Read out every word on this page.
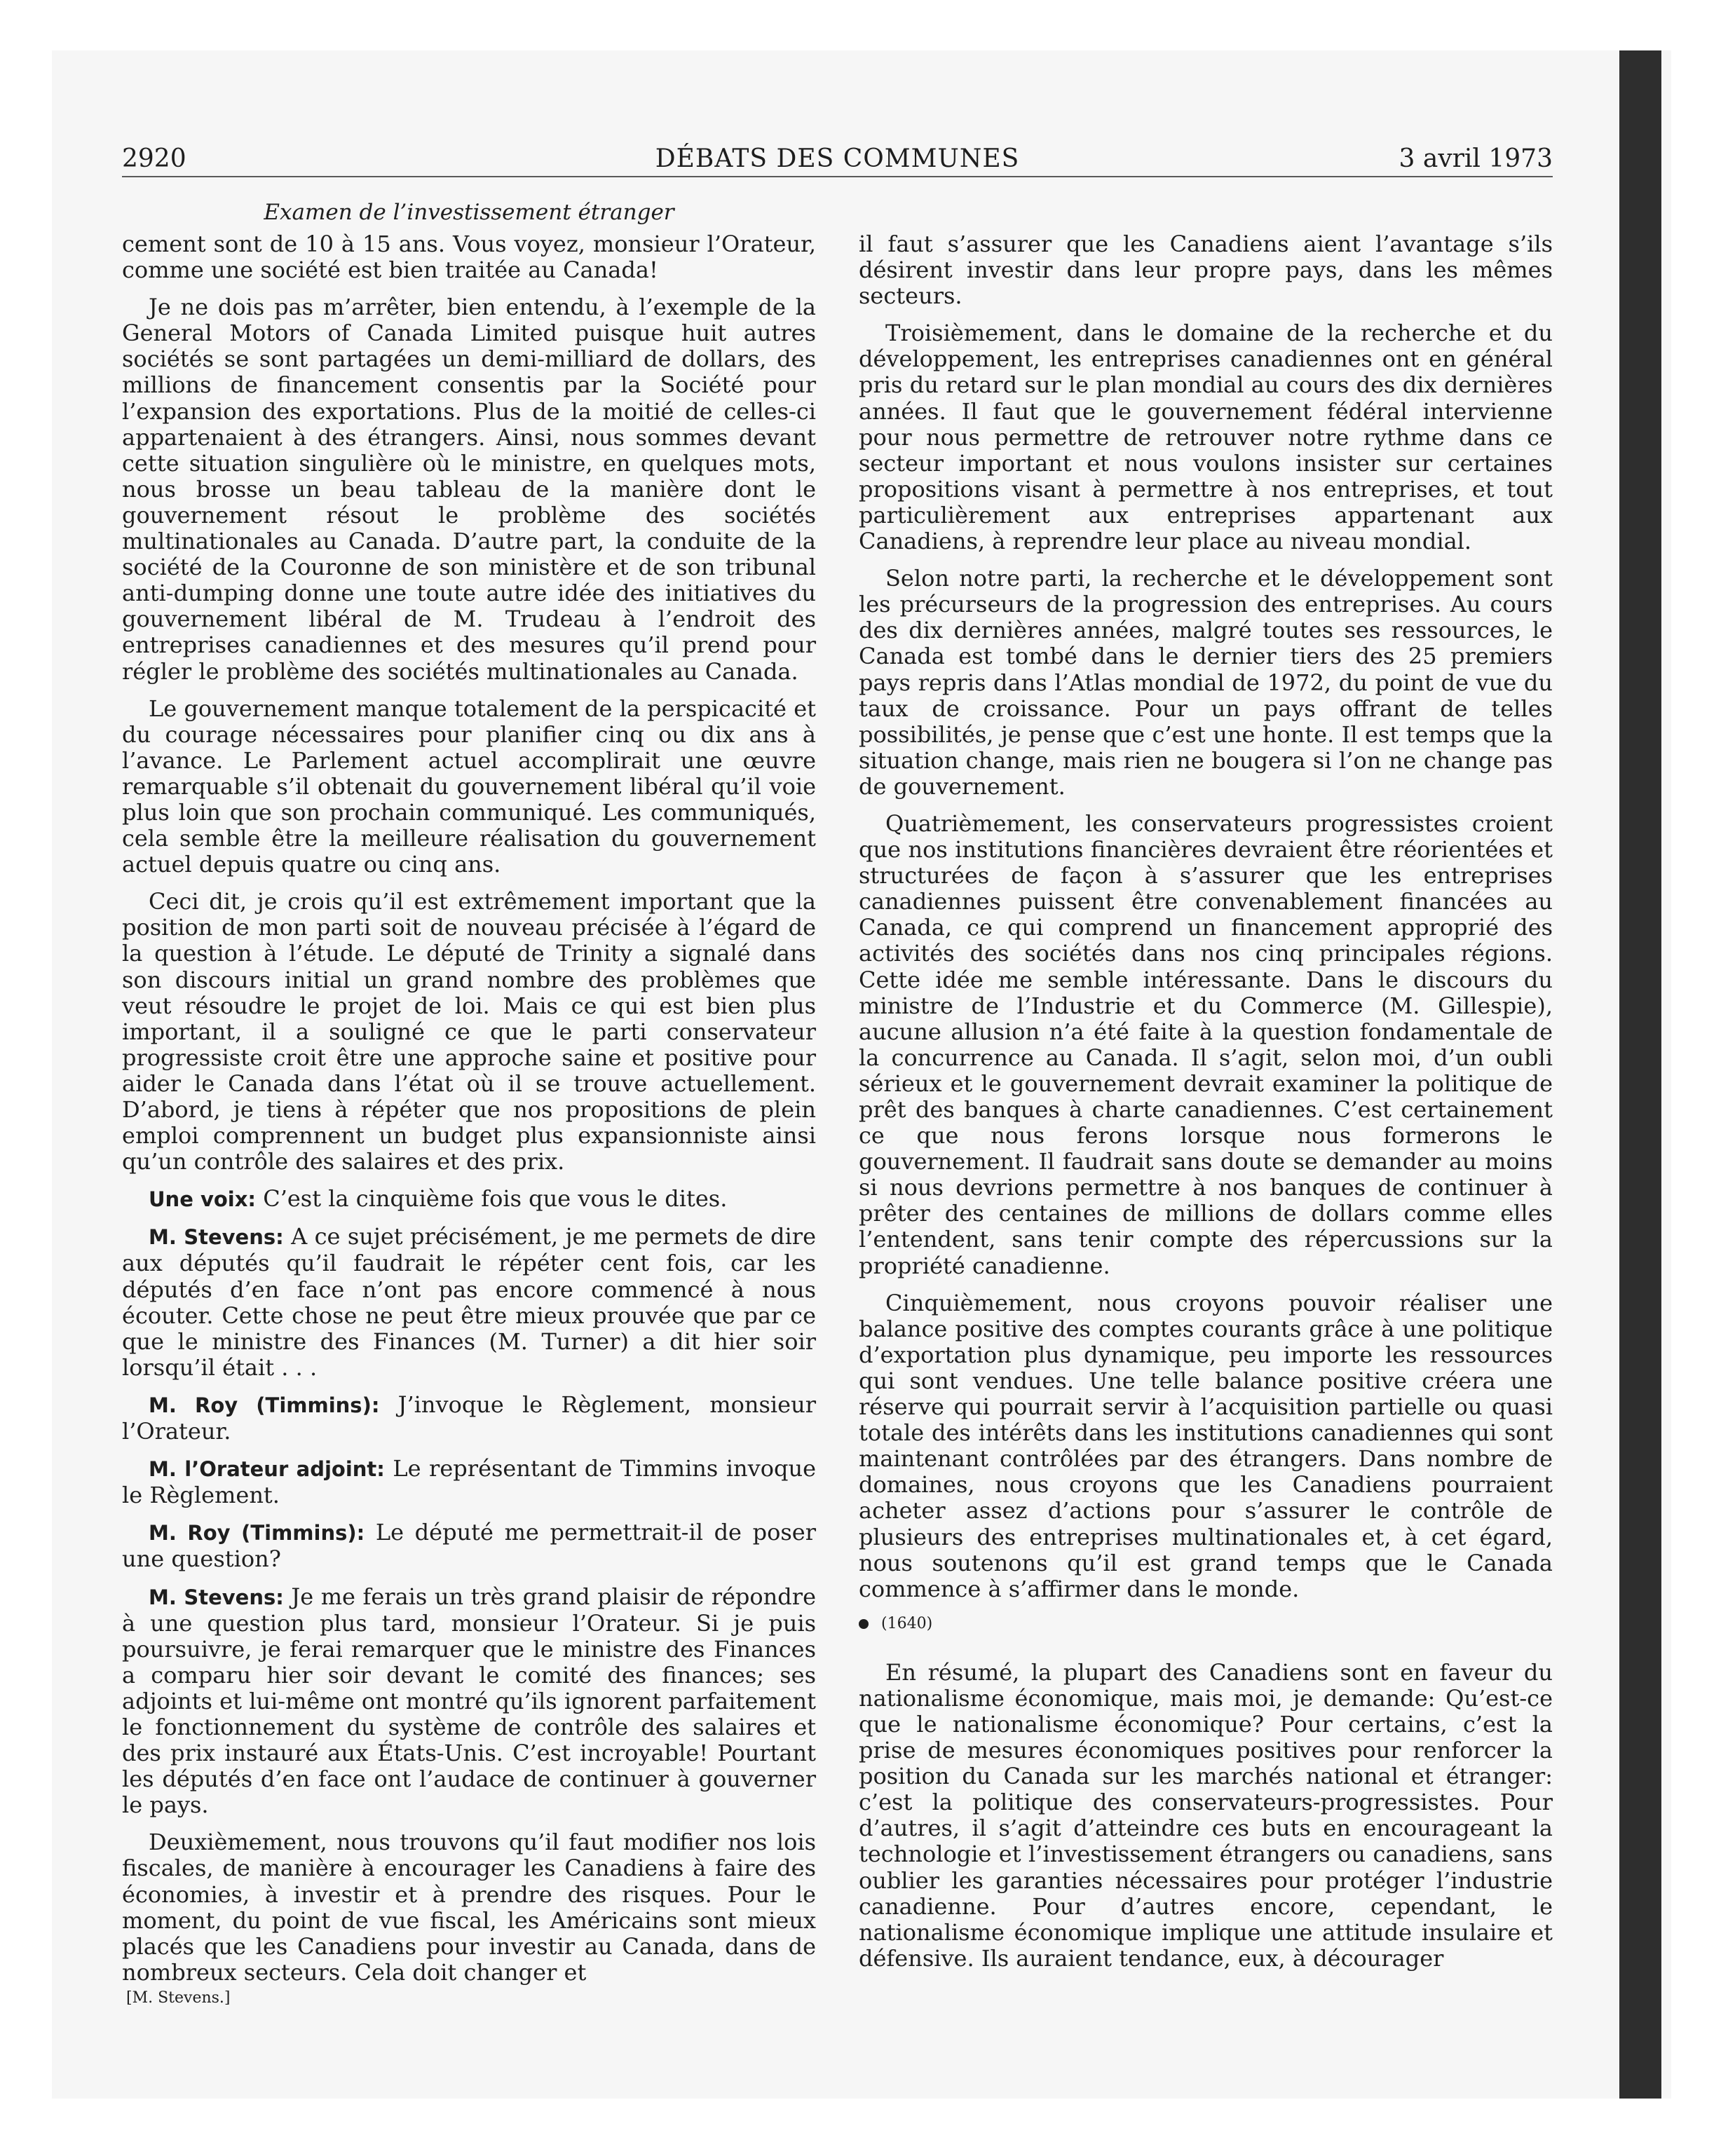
DÉBATS DES COMMUNES
2920	3 avril 1973
Examen de l’investissement étranger

cement sont de 10 à 15 ans. Vous voyez, monsieur l’Orateur, comme une société est bien traitée au Canada!

Je ne dois pas m’arrêter, bien entendu, à l’exemple de la General Motors of Canada Limited puisque huit autres sociétés se sont partagées un demi-milliard de dollars, des millions de financement consentis par la Société pour l’expansion des exportations. Plus de la moitié de celles-ci appartenaient à des étrangers. Ainsi, nous sommes devant cette situation singulière où le ministre, en quelques mots, nous brosse un beau tableau de la manière dont le gouvernement résout le problème des sociétés multinationales au Canada. D’autre part, la conduite de la société de la Couronne de son ministère et de son tribunal anti-dumping donne une toute autre idée des initiatives du gouvernement libéral de M. Trudeau à l’endroit des entreprises canadiennes et des mesures qu’il prend pour régler le problème des sociétés multinationales au Canada.

Le gouvernement manque totalement de la perspicacité et du courage nécessaires pour planifier cinq ou dix ans à l’avance. Le Parlement actuel accomplirait une œuvre remarquable s’il obtenait du gouvernement libéral qu’il voie plus loin que son prochain communiqué. Les communiqués, cela semble être la meilleure réalisation du gouvernement actuel depuis quatre ou cinq ans.

Ceci dit, je crois qu’il est extrêmement important que la position de mon parti soit de nouveau précisée à l’égard de la question à l’étude. Le député de Trinity a signalé dans son discours initial un grand nombre des problèmes que veut résoudre le projet de loi. Mais ce qui est bien plus important, il a souligné ce que le parti conservateur progressiste croit être une approche saine et positive pour aider le Canada dans l’état où il se trouve actuellement. D’abord, je tiens à répéter que nos propositions de plein emploi comprennent un budget plus expansionniste ainsi qu’un contrôle des salaires et des prix.

Une voix: C’est la cinquième fois que vous le dites.

M. Stevens: A ce sujet précisément, je me permets de dire aux députés qu’il faudrait le répéter cent fois, car les députés d’en face n’ont pas encore commencé à nous écouter. Cette chose ne peut être mieux prouvée que par ce que le ministre des Finances (M. Turner) a dit hier soir lorsqu’il était . . .

M. Roy (Timmins): J’invoque le Règlement, monsieur l’Orateur.

M. l’Orateur adjoint: Le représentant de Timmins invoque le Règlement.

M. Roy (Timmins): Le député me permettrait-il de poser une question?

M. Stevens: Je me ferais un très grand plaisir de répondre à une question plus tard, monsieur l’Orateur. Si je puis poursuivre, je ferai remarquer que le ministre des Finances a comparu hier soir devant le comité des finances; ses adjoints et lui-même ont montré qu’ils ignorent parfaitement le fonctionnement du système de contrôle des salaires et des prix instauré aux États-Unis. C’est incroyable! Pourtant les députés d’en face ont l’audace de continuer à gouverner le pays.

Deuxièmement, nous trouvons qu’il faut modifier nos lois fiscales, de manière à encourager les Canadiens à faire des économies, à investir et à prendre des risques. Pour le moment, du point de vue fiscal, les Américains sont mieux placés que les Canadiens pour investir au Canada, dans de nombreux secteurs. Cela doit changer et

il faut s’assurer que les Canadiens aient l’avantage s’ils désirent investir dans leur propre pays, dans les mêmes secteurs.

Troisièmement, dans le domaine de la recherche et du développement, les entreprises canadiennes ont en général pris du retard sur le plan mondial au cours des dix dernières années. Il faut que le gouvernement fédéral intervienne pour nous permettre de retrouver notre rythme dans ce secteur important et nous voulons insister sur certaines propositions visant à permettre à nos entreprises, et tout particulièrement aux entreprises appartenant aux Canadiens, à reprendre leur place au niveau mondial.

Selon notre parti, la recherche et le développement sont les précurseurs de la progression des entreprises. Au cours des dix dernières années, malgré toutes ses ressources, le Canada est tombé dans le dernier tiers des 25 premiers pays repris dans l’Atlas mondial de 1972, du point de vue du taux de croissance. Pour un pays offrant de telles possibilités, je pense que c’est une honte. Il est temps que la situation change, mais rien ne bougera si l’on ne change pas de gouvernement.

Quatrièmement, les conservateurs progressistes croient que nos institutions financières devraient être réorientées et structurées de façon à s’assurer que les entreprises canadiennes puissent être convenablement financées au Canada, ce qui comprend un financement approprié des activités des sociétés dans nos cinq principales régions. Cette idée me semble intéressante. Dans le discours du ministre de l’Industrie et du Commerce (M. Gillespie), aucune allusion n’a été faite à la question fondamentale de la concurrence au Canada. Il s’agit, selon moi, d’un oubli sérieux et le gouvernement devrait examiner la politique de prêt des banques à charte canadiennes. C’est certainement ce que nous ferons lorsque nous formerons le gouvernement. Il faudrait sans doute se demander au moins si nous devrions permettre à nos banques de continuer à prêter des centaines de millions de dollars comme elles l’entendent, sans tenir compte des répercussions sur la propriété canadienne.

Cinquièmement, nous croyons pouvoir réaliser une balance positive des comptes courants grâce à une politique d’exportation plus dynamique, peu importe les ressources qui sont vendues. Une telle balance positive créera une réserve qui pourrait servir à l’acquisition partielle ou quasi totale des intérêts dans les institutions canadiennes qui sont maintenant contrôlées par des étrangers. Dans nombre de domaines, nous croyons que les Canadiens pourraient acheter assez d’actions pour s’assurer le contrôle de plusieurs des entreprises multinationales et, à cet égard, nous soutenons qu’il est grand temps que le Canada commence à s’affirmer dans le monde.

(1640)

En résumé, la plupart des Canadiens sont en faveur du nationalisme économique, mais moi, je demande: Qu’est-ce que le nationalisme économique? Pour certains, c’est la prise de mesures économiques positives pour renforcer la position du Canada sur les marchés national et étranger: c’est la politique des conservateurs-progressistes. Pour d’autres, il s’agit d’atteindre ces buts en encourageant la technologie et l’investissement étrangers ou canadiens, sans oublier les garanties nécessaires pour protéger l’industrie canadienne. Pour d’autres encore, cependant, le nationalisme économique implique une attitude insulaire et défensive. Ils auraient tendance, eux, à décourager

[M. Stevens.]
